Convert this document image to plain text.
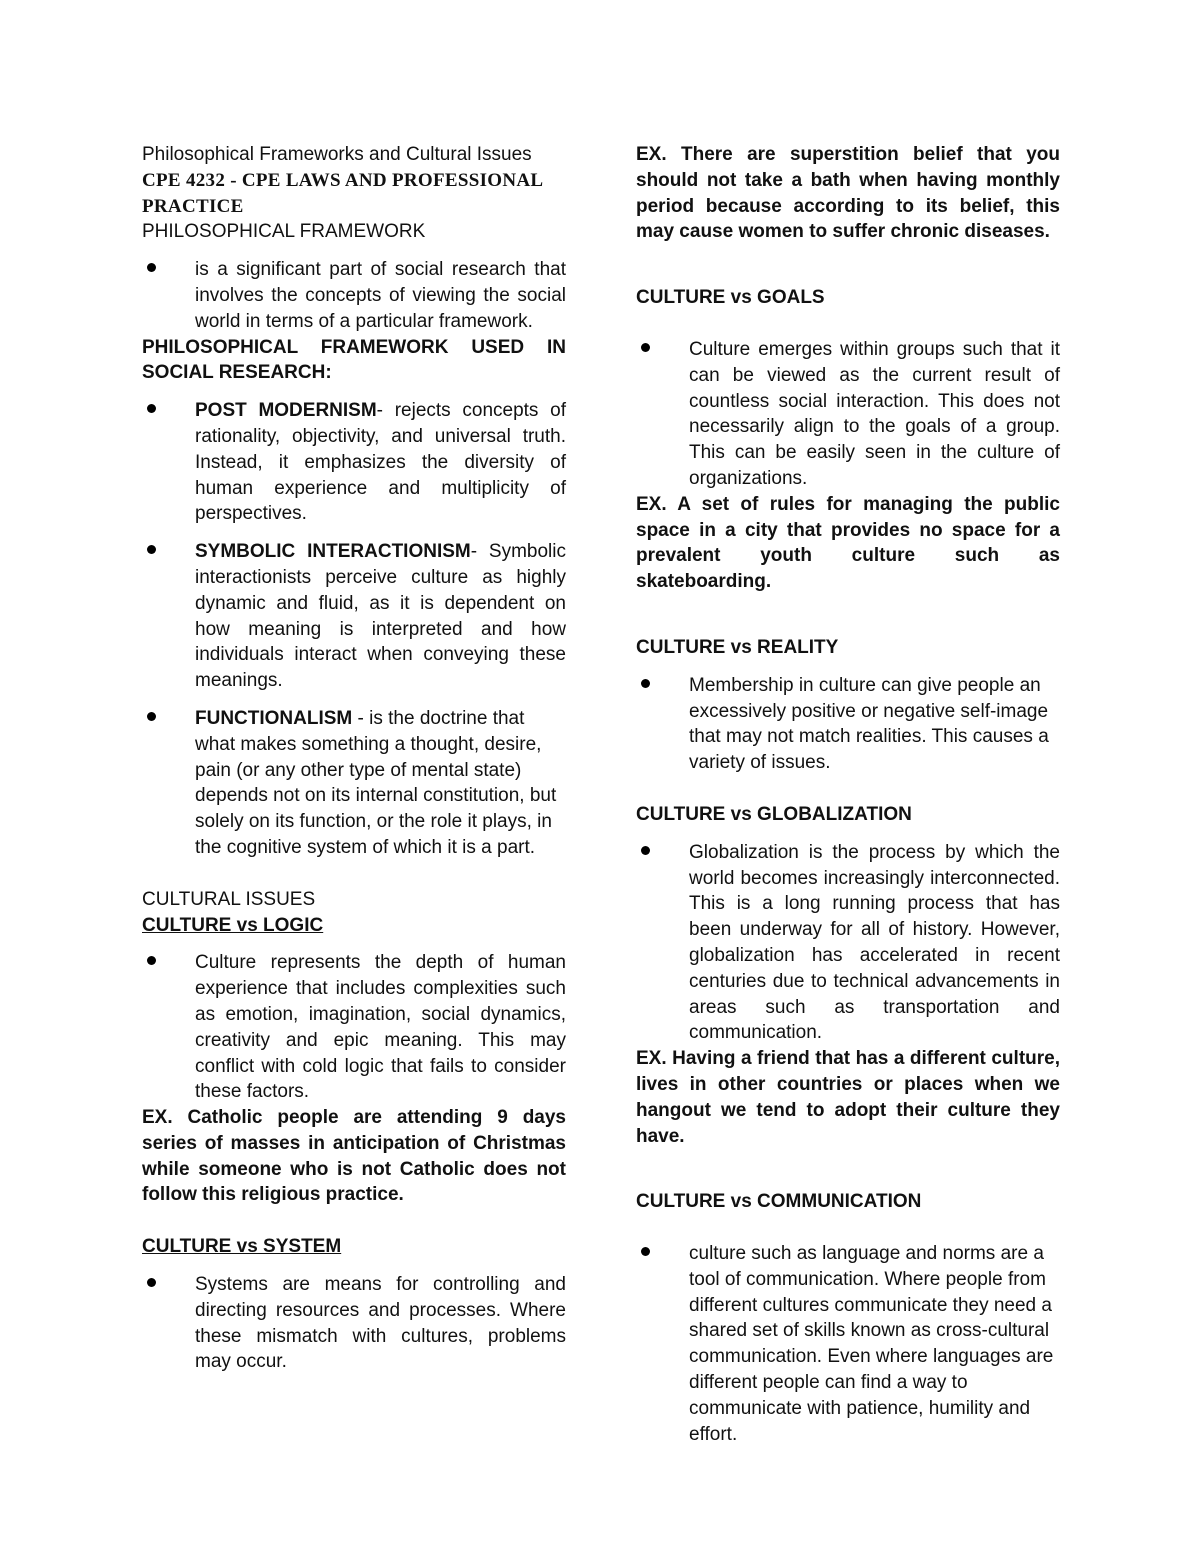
Philosophical Frameworks and Cultural Issues

CPE 4232 - CPE LAWS AND PROFESSIONAL PRACTICE

PHILOSOPHICAL FRAMEWORK

is a significant part of social research that involves the concepts of viewing the social world in terms of a particular framework.

PHILOSOPHICAL FRAMEWORK USED IN SOCIAL RESEARCH:

POST MODERNISM- rejects concepts of rationality, objectivity, and universal truth. Instead, it emphasizes the diversity of human experience and multiplicity of perspectives.
SYMBOLIC INTERACTIONISM- Symbolic interactionists perceive culture as highly dynamic and fluid, as it is dependent on how meaning is interpreted and how individuals interact when conveying these meanings.
FUNCTIONALISM - is the doctrine that what makes something a thought, desire, pain (or any other type of mental state) depends not on its internal constitution, but solely on its function, or the role it plays, in the cognitive system of which it is a part.

CULTURAL ISSUES

CULTURE vs LOGIC

Culture represents the depth of human experience that includes complexities such as emotion, imagination, social dynamics, creativity and epic meaning. This may conflict with cold logic that fails to consider these factors.

EX. Catholic people are attending 9 days series of masses in anticipation of Christmas while someone who is not Catholic does not follow this religious practice.

CULTURE vs SYSTEM

Systems are means for controlling and directing resources and processes. Where these mismatch with cultures, problems may occur.

EX. There are superstition belief that you should not take a bath when having monthly period because according to its belief, this may cause women to suffer chronic diseases.

CULTURE vs GOALS

Culture emerges within groups such that it can be viewed as the current result of countless social interaction. This does not necessarily align to the goals of a group. This can be easily seen in the culture of organizations.

EX. A set of rules for managing the public space in a city that provides no space for a prevalent youth culture such as skateboarding.

CULTURE vs REALITY

Membership in culture can give people an excessively positive or negative self-image that may not match realities. This causes a variety of issues.

CULTURE vs GLOBALIZATION

Globalization is the process by which the world becomes increasingly interconnected. This is a long running process that has been underway for all of history. However, globalization has accelerated in recent centuries due to technical advancements in areas such as transportation and communication.

EX. Having a friend that has a different culture, lives in other countries or places when we hangout we tend to adopt their culture they have.

CULTURE vs COMMUNICATION

culture such as language and norms are a tool of communication. Where people from different cultures communicate they need a shared set of skills known as cross-cultural communication. Even where languages are different people can find a way to communicate with patience, humility and effort.
